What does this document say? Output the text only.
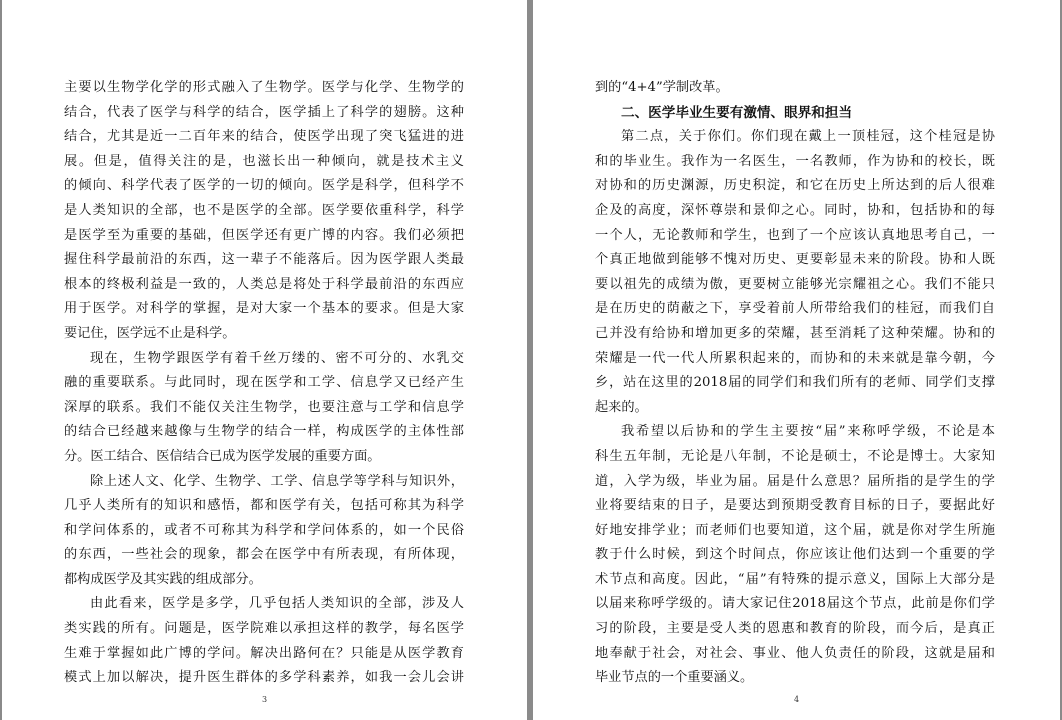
主要以生物学化学的形式融入了生物学。医学与化学、生物学的
结合，代表了医学与科学的结合，医学插上了科学的翅膀。这种
结合，尤其是近一二百年来的结合，使医学出现了突飞猛进的进
展。但是，值得关注的是，也滋长出一种倾向，就是技术主义
的倾向、科学代表了医学的一切的倾向。医学是科学，但科学不
是人类知识的全部，也不是医学的全部。医学要依重科学，科学
是医学至为重要的基础，但医学还有更广博的内容。我们必须把
握住科学最前沿的东西，这一辈子不能落后。因为医学跟人类最
根本的终极利益是一致的，人类总是将处于科学最前沿的东西应
用于医学。对科学的掌握，是对大家一个基本的要求。但是大家
要记住，医学远不止是科学。
现在，生物学跟医学有着千丝万缕的、密不可分的、水乳交
融的重要联系。与此同时，现在医学和工学、信息学又已经产生
深厚的联系。我们不能仅关注生物学，也要注意与工学和信息学
的结合已经越来越像与生物学的结合一样，构成医学的主体性部
分。医工结合、医信结合已成为医学发展的重要方面。
除上述人文、化学、生物学、工学、信息学等学科与知识外，
几乎人类所有的知识和感悟，都和医学有关，包括可称其为科学
和学问体系的，或者不可称其为科学和学问体系的，如一个民俗
的东西，一些社会的现象，都会在医学中有所表现，有所体现，
都构成医学及其实践的组成部分。
由此看来，医学是多学，几乎包括人类知识的全部，涉及人
类实践的所有。问题是，医学院难以承担这样的教学，每名医学
生难于掌握如此广博的学问。解决出路何在？只能是从医学教育
模式上加以解决，提升医生群体的多学科素养，如我一会儿会讲
3
到的“4+4”学制改革。
二、医学毕业生要有激情、眼界和担当
第二点，关于你们。你们现在戴上一顶桂冠，这个桂冠是协
和的毕业生。我作为一名医生，一名教师，作为协和的校长，既
对协和的历史渊源，历史积淀，和它在历史上所达到的后人很难
企及的高度，深怀尊崇和景仰之心。同时，协和，包括协和的每
一个人，无论教师和学生，也到了一个应该认真地思考自己，一
个真正地做到能够不愧对历史、更要彰显未来的阶段。协和人既
要以祖先的成绩为傲，更要树立能够光宗耀祖之心。我们不能只
是在历史的荫蔽之下，享受着前人所带给我们的桂冠，而我们自
己并没有给协和增加更多的荣耀，甚至消耗了这种荣耀。协和的
荣耀是一代一代人所累积起来的，而协和的未来就是靠今朝，今
乡，站在这里的2018届的同学们和我们所有的老师、同学们支撑
起来的。
我希望以后协和的学生主要按“届”来称呼学级，不论是本
科生五年制，无论是八年制，不论是硕士，不论是博士。大家知
道，入学为级，毕业为届。届是什么意思？届所指的是学生的学
业将要结束的日子，是要达到预期受教育目标的日子，要据此好
好地安排学业；而老师们也要知道，这个届，就是你对学生所施
教于什么时候，到这个时间点，你应该让他们达到一个重要的学
术节点和高度。因此，“届”有特殊的提示意义，国际上大部分是
以届来称呼学级的。请大家记住2018届这个节点，此前是你们学
习的阶段，主要是受人类的恩惠和教育的阶段，而今后，是真正
地奉献于社会，对社会、事业、他人负责任的阶段，这就是届和
毕业节点的一个重要涵义。
4
